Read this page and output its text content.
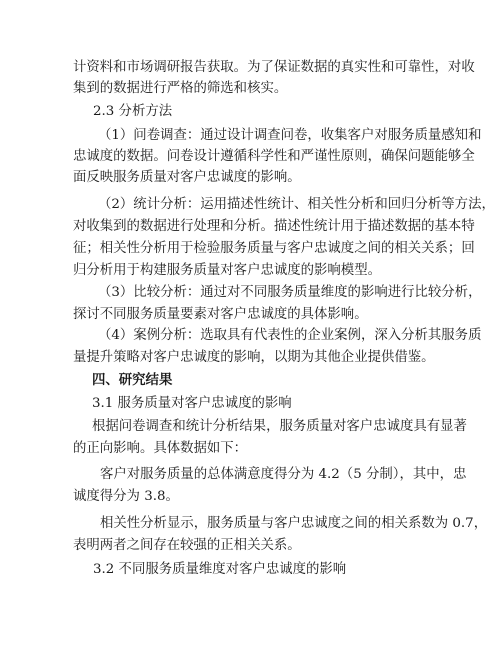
计资料和市场调研报告获取。为了保证数据的真实性和可靠性，对收
集到的数据进行严格的筛选和核实。
2.3 分析方法
（1）问卷调查：通过设计调查问卷，收集客户对服务质量感知和
忠诚度的数据。问卷设计遵循科学性和严谨性原则，确保问题能够全
面反映服务质量对客户忠诚度的影响。
（2）统计分析：运用描述性统计、相关性分析和回归分析等方法，
对收集到的数据进行处理和分析。描述性统计用于描述数据的基本特
征；相关性分析用于检验服务质量与客户忠诚度之间的相关关系；回
归分析用于构建服务质量对客户忠诚度的影响模型。
（3）比较分析：通过对不同服务质量维度的影响进行比较分析，
探讨不同服务质量要素对客户忠诚度的具体影响。
（4）案例分析：选取具有代表性的企业案例，深入分析其服务质
量提升策略对客户忠诚度的影响，以期为其他企业提供借鉴。
四、研究结果
3.1 服务质量对客户忠诚度的影响
根据问卷调查和统计分析结果，服务质量对客户忠诚度具有显著
的正向影响。具体数据如下：
客户对服务质量的总体满意度得分为 4.2（5 分制），其中，忠
诚度得分为 3.8。
相关性分析显示，服务质量与客户忠诚度之间的相关系数为 0.7，
表明两者之间存在较强的正相关关系。
3.2 不同服务质量维度对客户忠诚度的影响
